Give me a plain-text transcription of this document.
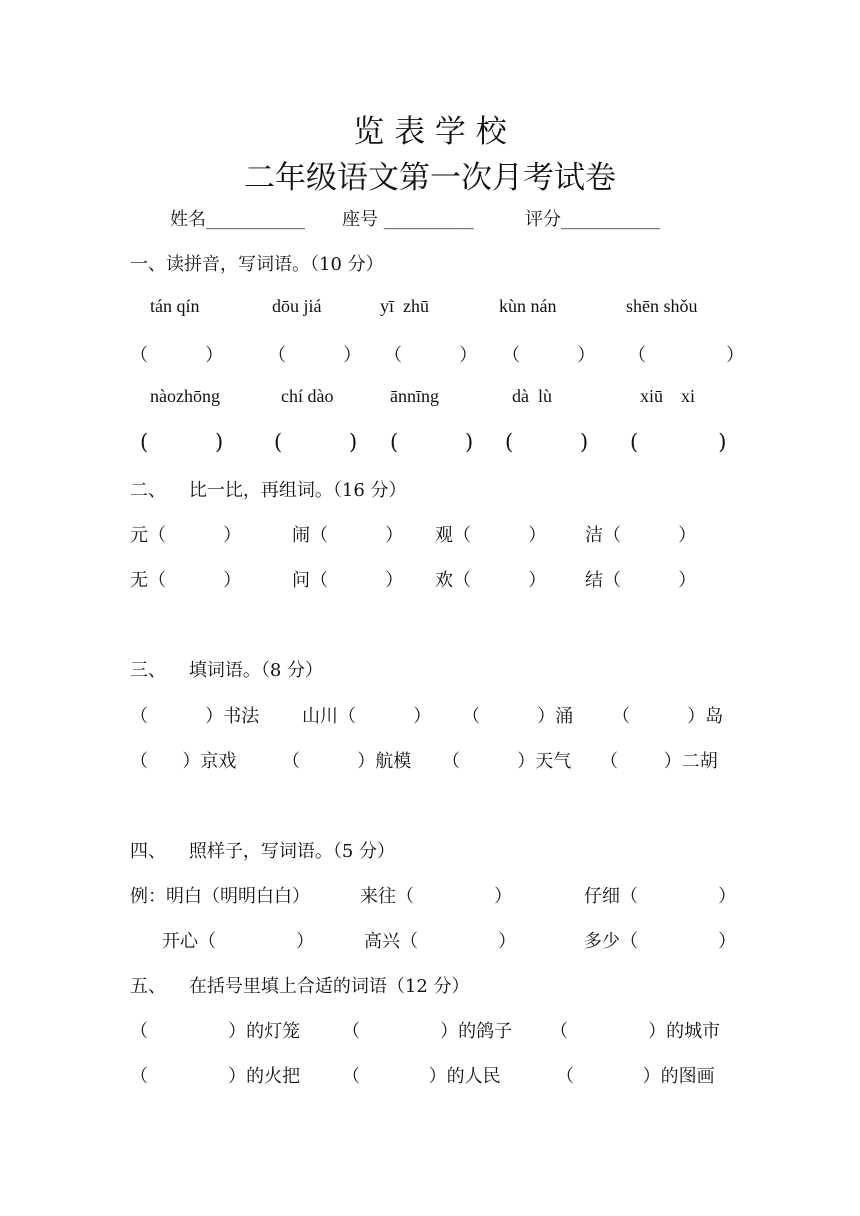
览 表 学 校
二年级语文第一次月考试卷
姓名___________ 座号 __________	评分___________
一、读拼音，写词语。（10 分）
tán qín	dōu jiá	yī  zhū	kùn nán	shēn shǒu
（          ） （          ） （          ） （          ） （              ）
nàozhōng	chí dào	ānnīng	dà  lù	xiū    xi
(          ) (          ) (          ) (          ) (            )
二、    比一比，再组词。（16 分）
元（          ）	闹（          ） 观（          ） 洁（          ）
无（          ）	问（          ） 欢（          ） 结（          ）
三、    填词语。（8 分）
（          ）书法 山川（          ） （          ）涌 （          ）岛
（      ）京戏	（          ）航模 （          ）天气 （        ）二胡
四、    照样子，写词语。（5 分）
例：明白（明明白白）	来往（              ）	仔细（              ）
开心（              ）	高兴（              ）	多少（              ）
五、    在括号里填上合适的词语（12 分）
（              ）的灯笼 （              ）的鸽子 （              ）的城市
（              ）的火把 （            ）的人民	（            ）的图画
